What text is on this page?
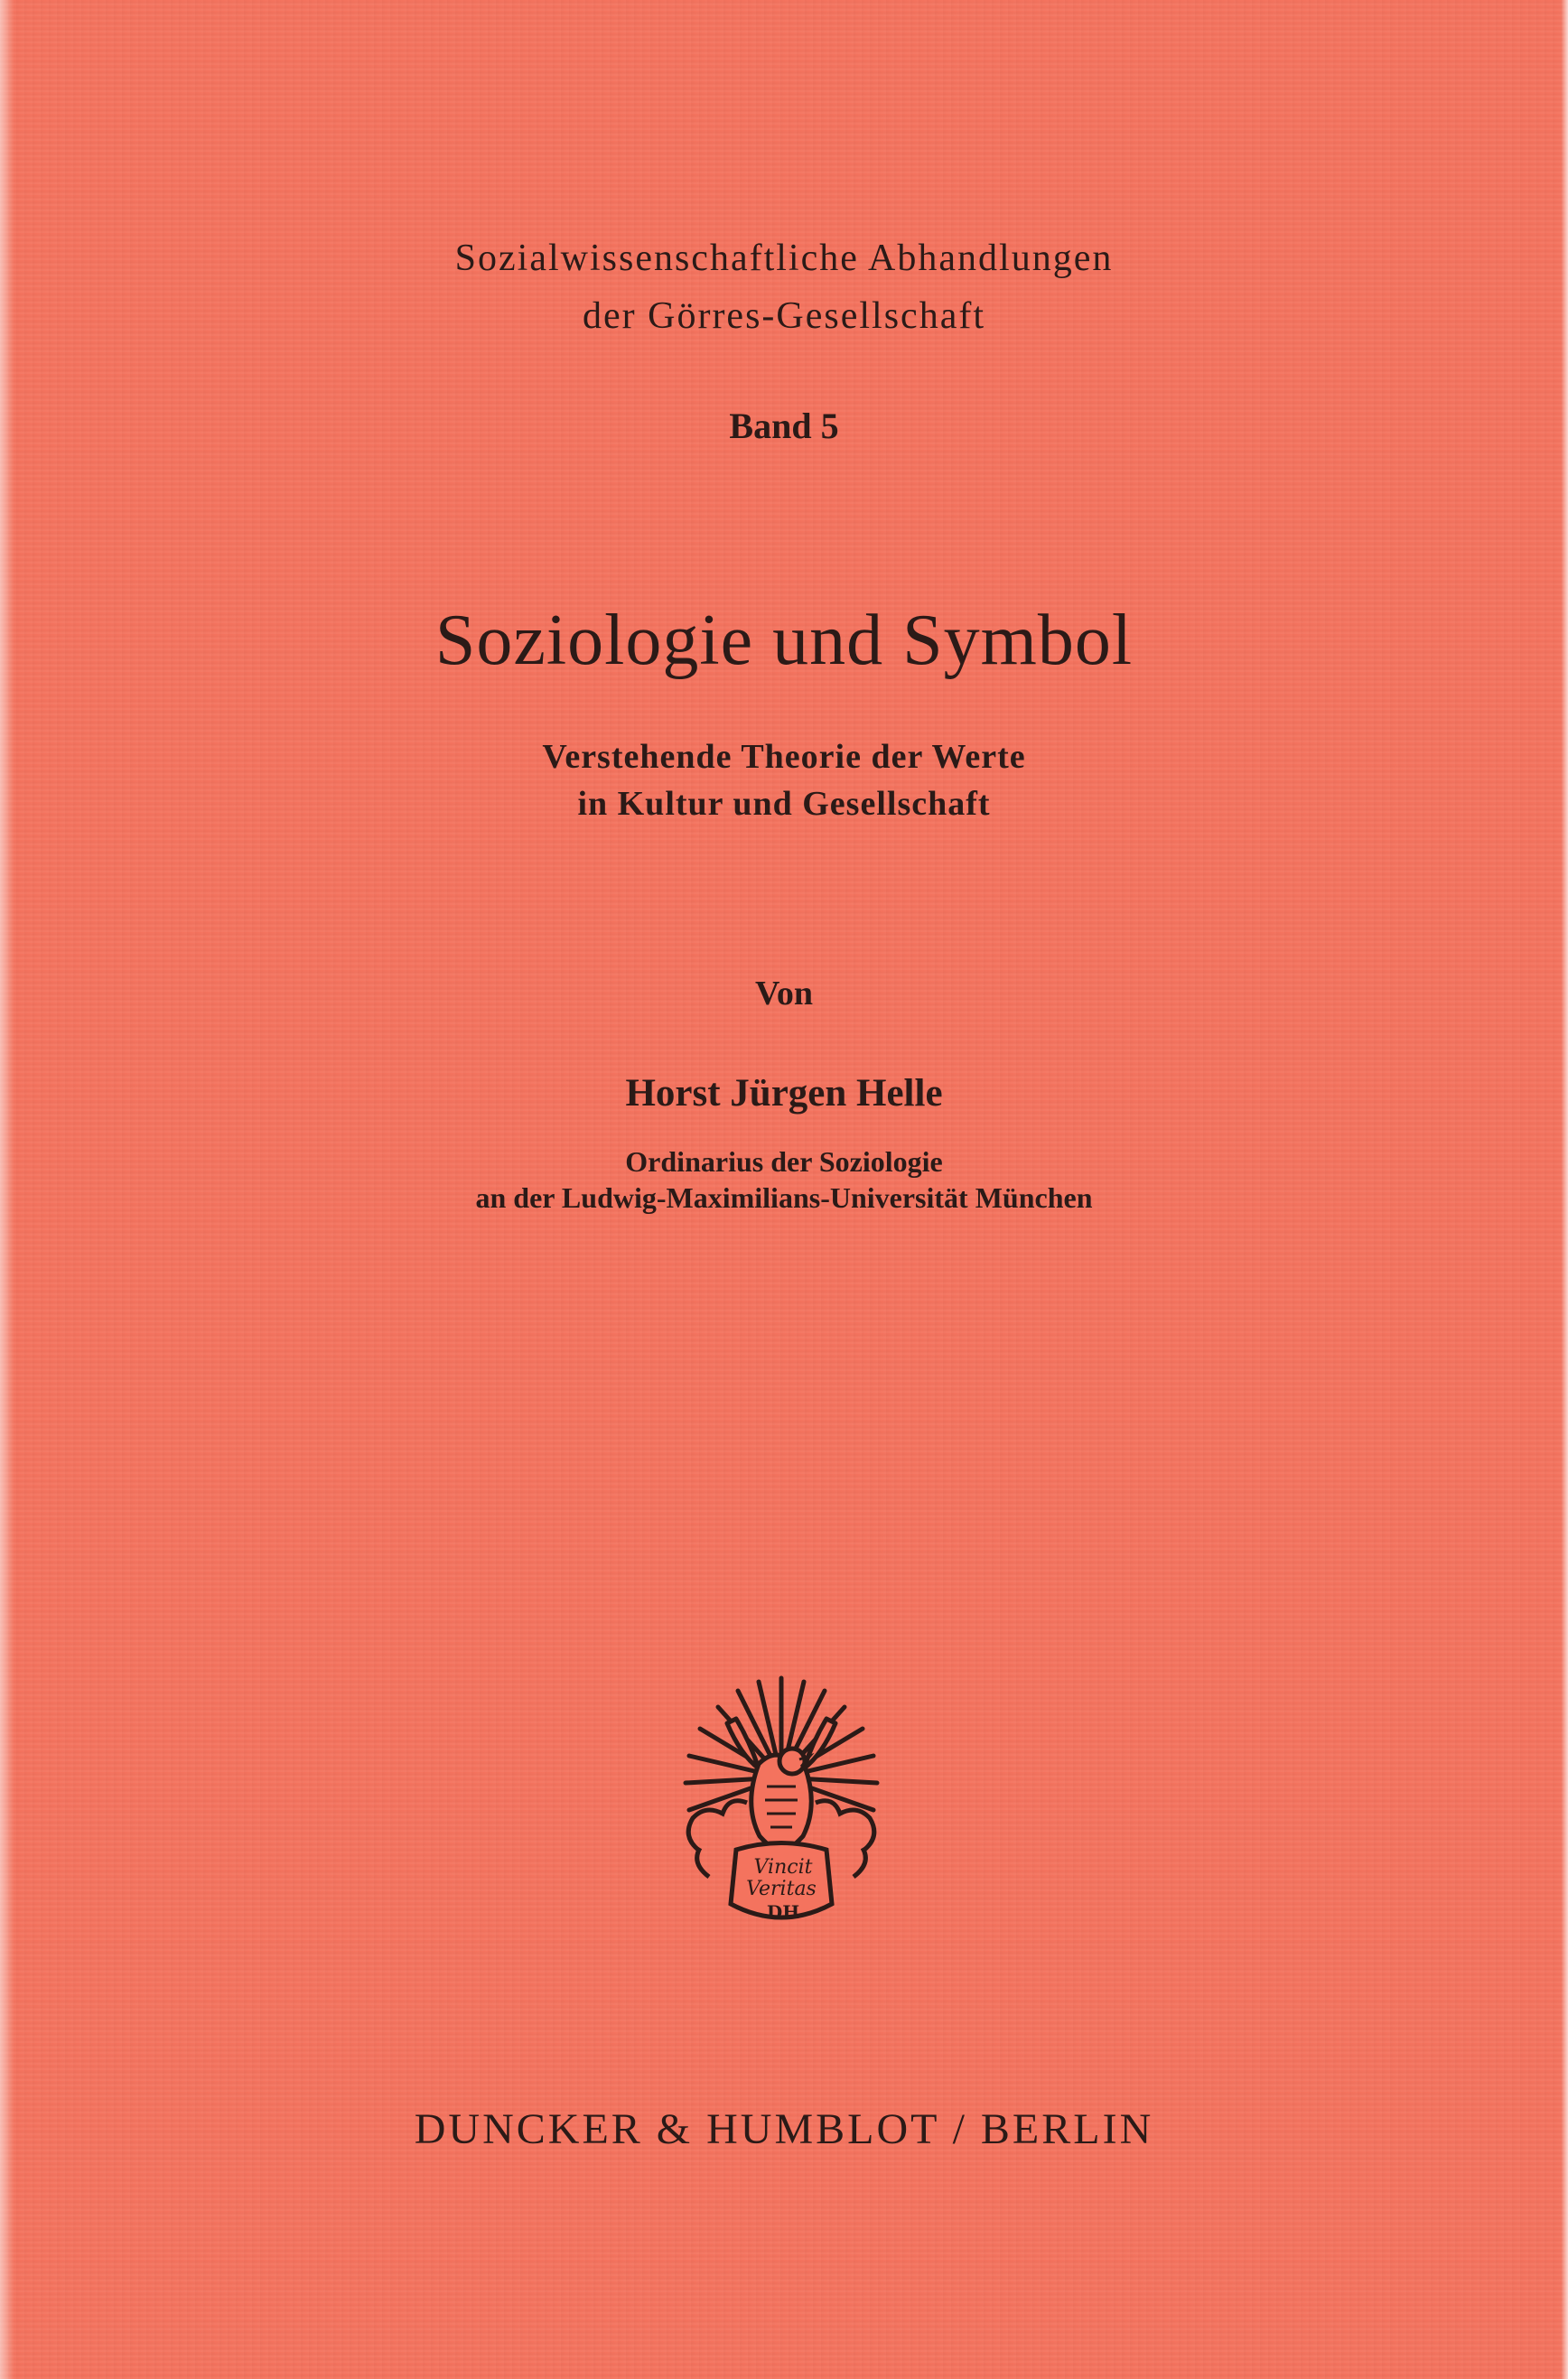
Sozialwissenschaftliche Abhandlungen
der Görres-Gesellschaft
Band 5
Soziologie und Symbol
Verstehende Theorie der Werte
in Kultur und Gesellschaft
Von
Horst Jürgen Helle
Ordinarius der Soziologie
an der Ludwig-Maximilians-Universität München
Vincit
Veritas
DH
DUNCKER & HUMBLOT / BERLIN
